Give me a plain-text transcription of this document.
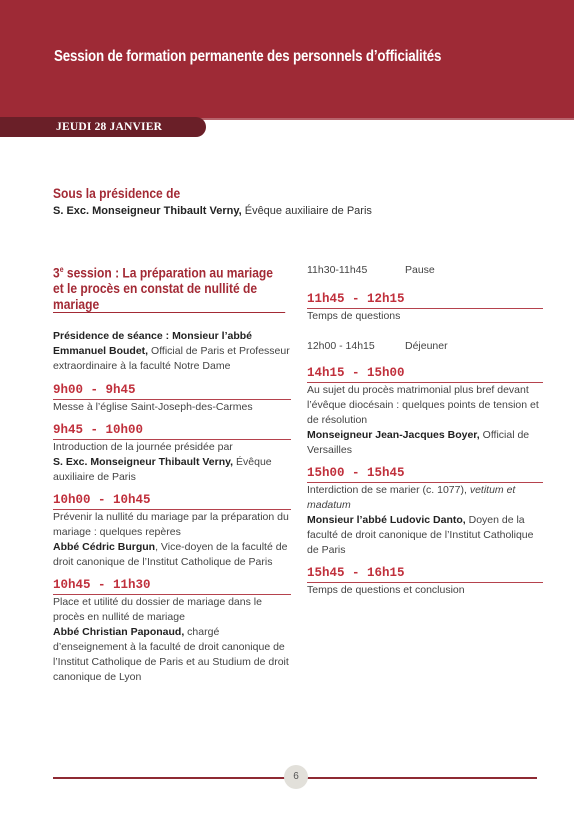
Session de formation permanente des personnels d’officialités
JEUDI 28 JANVIER
Sous la présidence de
S. Exc. Monseigneur Thibault Verny, Évêque auxiliaire de Paris
3e session : La préparation au mariage et le procès en constat de nullité de mariage

Présidence de séance : Monsieur l’abbé Emmanuel Boudet, Official de Paris et Professeur extraordinaire à la faculté Notre Dame

9h00 - 9h45

Messe à l’église Saint-Joseph-des-Carmes

9h45 - 10h00

Introduction de la journée présidée par
S. Exc. Monseigneur Thibault Verny, Évêque auxiliaire de Paris

10h00 - 10h45

Prévenir la nullité du mariage par la préparation du mariage : quelques repères
Abbé Cédric Burgun, Vice-doyen de la faculté de droit canonique de l’Institut Catholique de Paris

10h45 - 11h30

Place et utilité du dossier de mariage dans le procès en nullité de mariage
Abbé Christian Paponaud, chargé d’enseignement à la faculté de droit canonique de l’Institut Catholique de Paris et au Studium de droit canonique de Lyon

11h30-11h45	Pause

11h45 - 12h15

Temps de questions

12h00 - 14h15	Déjeuner

14h15 - 15h00

Au sujet du procès matrimonial plus bref devant l’évêque diocésain : quelques points de tension et de résolution
Monseigneur Jean-Jacques Boyer, Official de Versailles

15h00 - 15h45

Interdiction de se marier (c. 1077), vetitum et madatum
Monsieur l’abbé Ludovic Danto, Doyen de la faculté de droit canonique de l’Institut Catholique de Paris

15h45 - 16h15

Temps de questions et conclusion

6
